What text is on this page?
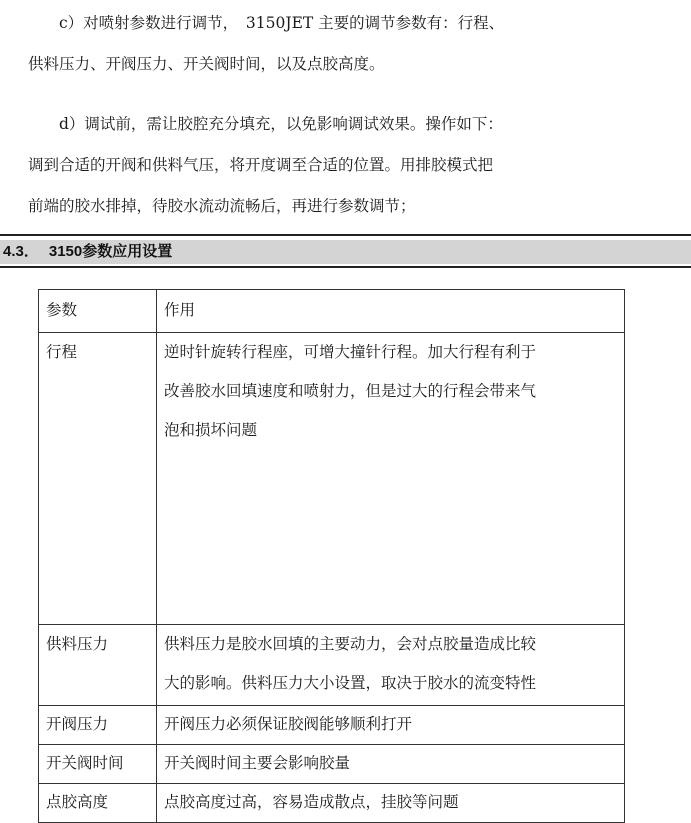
c）对喷射参数进行调节，　3150JET 主要的调节参数有：行程、
供料压力、开阀压力、开关阀时间，以及点胶高度。
d）调试前，需让胶腔充分填充，以免影响调试效果。操作如下：
调到合适的开阀和供料气压，将开度调至合适的位置。用排胶模式把
前端的胶水排掉，待胶水流动流畅后，再进行参数调节；
4.3． 3150参数应用设置
参数	作用
行程	逆时针旋转行程座，可增大撞针行程。加大行程有利于
改善胶水回填速度和喷射力，但是过大的行程会带来气
泡和损坏问题

供料压力	供料压力是胶水回填的主要动力，会对点胶量造成比较
大的影响。供料压力大小设置，取决于胶水的流变特性

开阀压力	开阀压力必须保证胶阀能够顺利打开

开关阀时间	开关阀时间主要会影响胶量

点胶高度	点胶高度过高，容易造成散点，挂胶等问题
